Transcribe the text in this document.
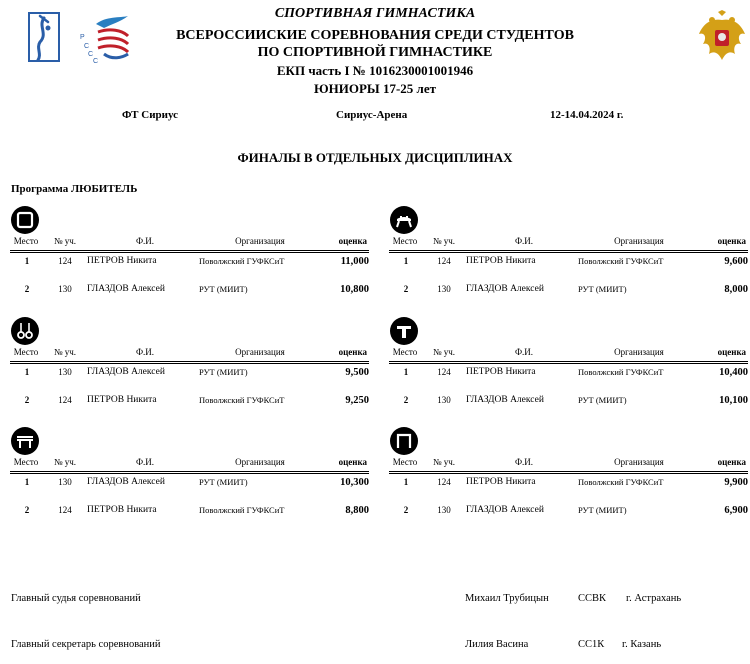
Р
С
С
С
СПОРТИВНАЯ ГИМНАСТИКА
ВСЕРОССИИСКИЕ СОРЕВНОВАНИЯ СРЕДИ СТУДЕНТОВ
ПО СПОРТИВНОЙ ГИМНАСТИКЕ
ЕКП часть I № 1016230001001946
ЮНИОРЫ 17-25 лет
ФТ Сириус	Сириус-Арена	12-14.04.2024 г.
ФИНАЛЫ В ОТДЕЛЬНЫХ ДИСЦИПЛИНАХ
Программа ЛЮБИТЕЛЬ
Место	№ уч.	Ф.И.	Организация	оценка
1	124	ПЕТРОВ Никита	Поволжский ГУФКСиТ	11,000
2	130	ГЛАЗДОВ Алексей	РУТ (МИИТ)	10,800
Место	№ уч.	Ф.И.	Организация	оценка
1	124	ПЕТРОВ Никита	Поволжский ГУФКСиТ	9,600
2	130	ГЛАЗДОВ Алексей	РУТ (МИИТ)	8,000
Место	№ уч.	Ф.И.	Организация	оценка
1	130	ГЛАЗДОВ Алексей	РУТ (МИИТ)	9,500
2	124	ПЕТРОВ Никита	Поволжский ГУФКСиТ	9,250
Место	№ уч.	Ф.И.	Организация	оценка
1	124	ПЕТРОВ Никита	Поволжский ГУФКСиТ	10,400
2	130	ГЛАЗДОВ Алексей	РУТ (МИИТ)	10,100
Место	№ уч.	Ф.И.	Организация	оценка
1	130	ГЛАЗДОВ Алексей	РУТ (МИИТ)	10,300
2	124	ПЕТРОВ Никита	Поволжский ГУФКСиТ	8,800
Место	№ уч.	Ф.И.	Организация	оценка
1	124	ПЕТРОВ Никита	Поволжский ГУФКСиТ	9,900
2	130	ГЛАЗДОВ Алексей	РУТ (МИИТ)	6,900
Главный судья соревнований	Михаил Трубицын	ССВК г. Астрахань
Главный секретарь соревнований	Лилия Васина	СС1К г. Казань
